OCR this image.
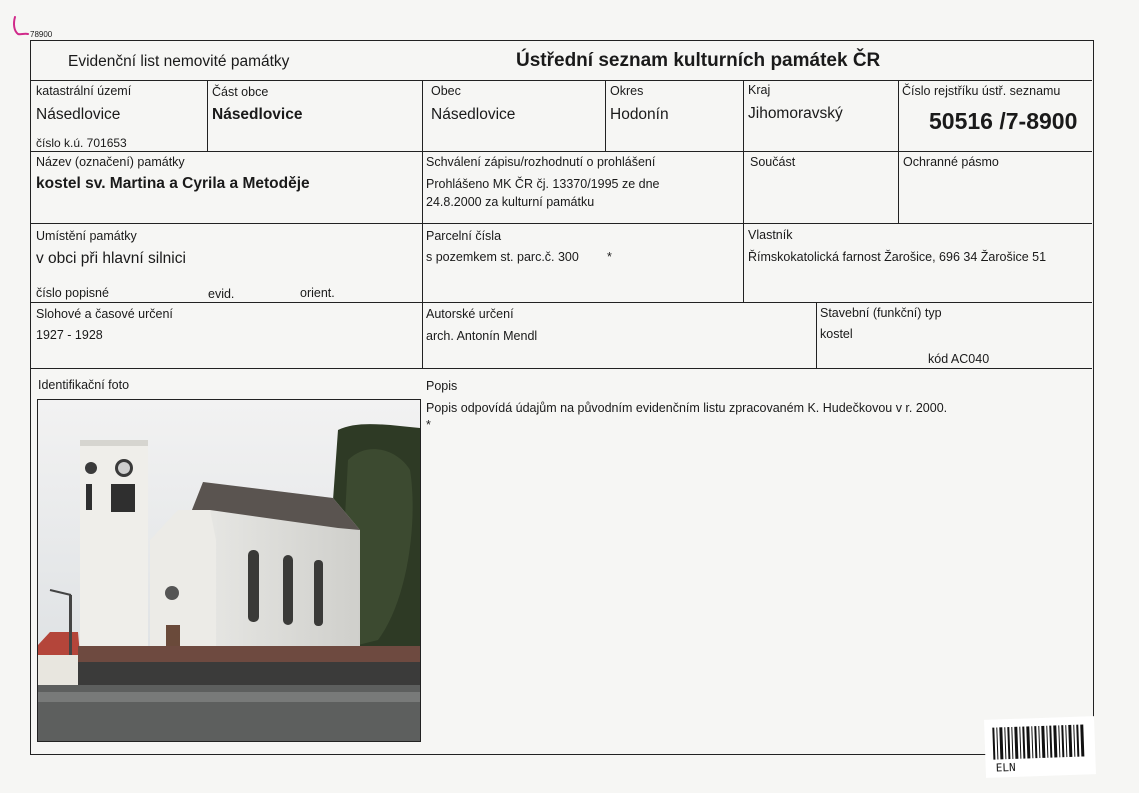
78900
Evidenční list nemovité památky	Ústřední seznam kulturních památek ČR
katastrální území
Násedlovice
číslo k.ú. 701653
Část obce
Násedlovice
Obec
Násedlovice
Okres
Hodonín
Kraj
Jihomoravský
Číslo rejstříku ústř. seznamu
50516 /7-8900
Název (označení) památky
kostel sv. Martina a Cyrila a Metoděje
Schválení zápisu/rozhodnutí o prohlášení
Prohlášeno MK ČR čj. 13370/1995 ze dne
24.8.2000 za kulturní památku
Součást	Ochranné pásmo
Umístění památky
v obci při hlavní silnici
číslo popisné	evid.	orient.
Parcelní čísla
s pozemkem st. parc.č. 300 *
Vlastník
Římskokatolická farnost Žarošice, 696 34 Žarošice 51
Slohové a časové určení
1927 - 1928
Autorské určení
arch. Antonín Mendl
Stavební (funkční) typ
kostel
kód AC040
Identifikační foto	Popis
Popis odpovídá údajům na původním evidenčním listu zpracovaném K. Hudečkovou v r. 2000.
*
ELN
